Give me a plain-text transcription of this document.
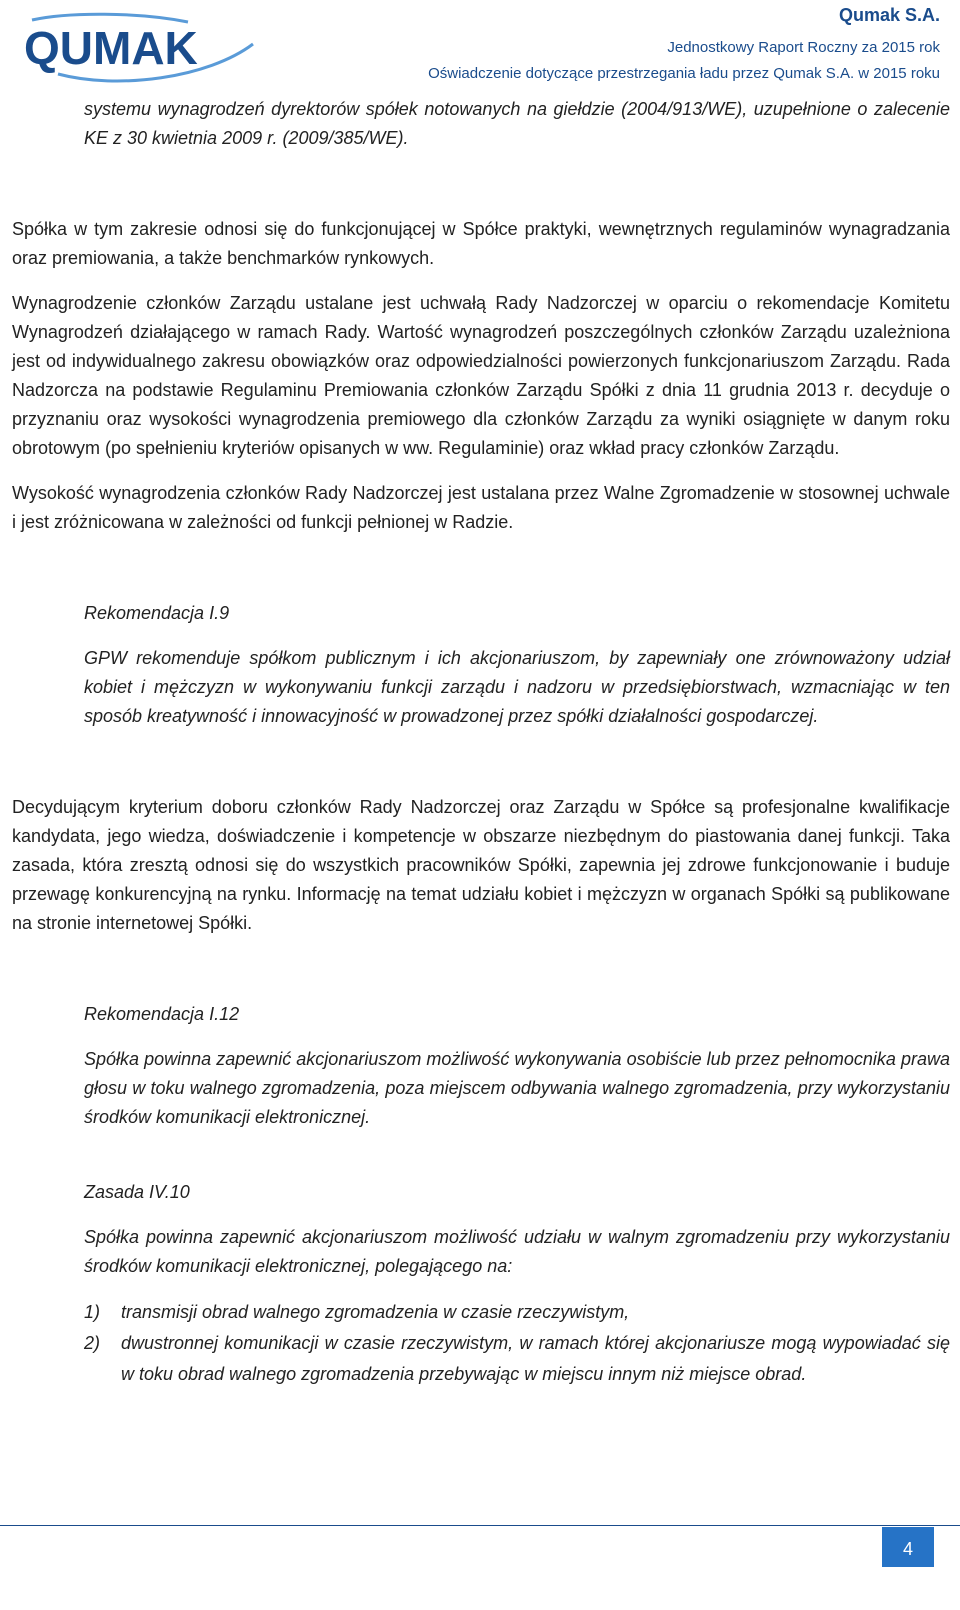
QUMAK
Qumak S.A.
Jednostkowy Raport Roczny za 2015 rok
Oświadczenie dotyczące przestrzegania ładu przez Qumak S.A. w 2015 roku

systemu wynagrodzeń dyrektorów spółek notowanych na giełdzie (2004/913/WE), uzupełnione o zalecenie KE z 30 kwietnia 2009 r. (2009/385/WE).

Spółka w tym zakresie odnosi się do funkcjonującej w Spółce praktyki, wewnętrznych regulaminów wynagradzania oraz premiowania, a także benchmarków rynkowych.

Wynagrodzenie członków Zarządu ustalane jest uchwałą Rady Nadzorczej w oparciu o rekomendacje Komitetu Wynagrodzeń działającego w ramach Rady. Wartość wynagrodzeń poszczególnych członków Zarządu uzależniona jest od indywidualnego zakresu obowiązków oraz odpowiedzialności powierzonych funkcjonariuszom Zarządu. Rada Nadzorcza na podstawie Regulaminu Premiowania członków Zarządu Spółki z dnia 11 grudnia 2013 r. decyduje o przyznaniu oraz wysokości wynagrodzenia premiowego dla członków Zarządu za wyniki osiągnięte w danym roku obrotowym (po spełnieniu kryteriów opisanych w ww. Regulaminie) oraz wkład pracy członków Zarządu.

Wysokość wynagrodzenia członków Rady Nadzorczej jest ustalana przez Walne Zgromadzenie w stosownej uchwale i jest zróżnicowana w zależności od funkcji pełnionej w Radzie.

Rekomendacja I.9

GPW rekomenduje spółkom publicznym i ich akcjonariuszom, by zapewniały one zrównoważony udział kobiet i mężczyzn w wykonywaniu funkcji zarządu i nadzoru w przedsiębiorstwach, wzmacniając w ten sposób kreatywność i innowacyjność w prowadzonej przez spółki działalności gospodarczej.

Decydującym kryterium doboru członków Rady Nadzorczej oraz Zarządu w Spółce są profesjonalne kwalifikacje kandydata, jego wiedza, doświadczenie i kompetencje w obszarze niezbędnym do piastowania danej funkcji. Taka zasada, która zresztą odnosi się do wszystkich pracowników Spółki, zapewnia jej zdrowe funkcjonowanie i buduje przewagę konkurencyjną na rynku. Informację na temat udziału kobiet i mężczyzn w organach Spółki są publikowane na stronie internetowej Spółki.

Rekomendacja I.12

Spółka powinna zapewnić akcjonariuszom możliwość wykonywania osobiście lub przez pełnomocnika prawa głosu w toku walnego zgromadzenia, poza miejscem odbywania walnego zgromadzenia, przy wykorzystaniu środków komunikacji elektronicznej.

Zasada IV.10

Spółka powinna zapewnić akcjonariuszom możliwość udziału w walnym zgromadzeniu przy wykorzystaniu środków komunikacji elektronicznej, polegającego na:

1) transmisji obrad walnego zgromadzenia w czasie rzeczywistym,
2) dwustronnej komunikacji w czasie rzeczywistym, w ramach której akcjonariusze mogą wypowiadać się w toku obrad walnego zgromadzenia przebywając w miejscu innym niż miejsce obrad.
4
